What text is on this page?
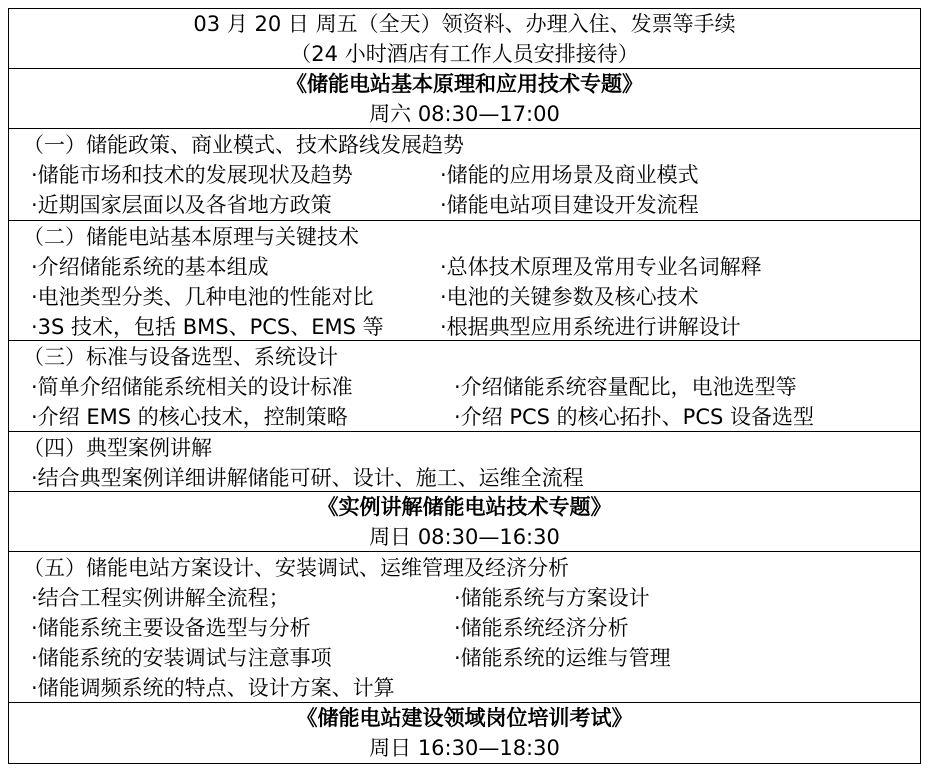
03 月 20 日 周五（全天）领资料、办理入住、发票等手续
（24 小时酒店有工作人员安排接待）
《储能电站基本原理和应用技术专题》
周六 08:30—17:00
（一）储能政策、商业模式、技术路线发展趋势
·储能市场和技术的发展现状及趋势	·储能的应用场景及商业模式
·近期国家层面以及各省地方政策	·储能电站项目建设开发流程
（二）储能电站基本原理与关键技术
·介绍储能系统的基本组成	·总体技术原理及常用专业名词解释
·电池类型分类、几种电池的性能对比	·电池的关键参数及核心技术
·3S 技术，包括 BMS、PCS、EMS 等	·根据典型应用系统进行讲解设计
（三）标准与设备选型、系统设计
·简单介绍储能系统相关的设计标准	·介绍储能系统容量配比，电池选型等
·介绍 EMS 的核心技术，控制策略	·介绍 PCS 的核心拓扑、PCS 设备选型
（四）典型案例讲解
·结合典型案例详细讲解储能可研、设计、施工、运维全流程
《实例讲解储能电站技术专题》
周日 08:30—16:30
（五）储能电站方案设计、安装调试、运维管理及经济分析
·结合工程实例讲解全流程；	·储能系统与方案设计
·储能系统主要设备选型与分析	·储能系统经济分析
·储能系统的安装调试与注意事项	·储能系统的运维与管理
·储能调频系统的特点、设计方案、计算
《储能电站建设领域岗位培训考试》
周日 16:30—18:30
